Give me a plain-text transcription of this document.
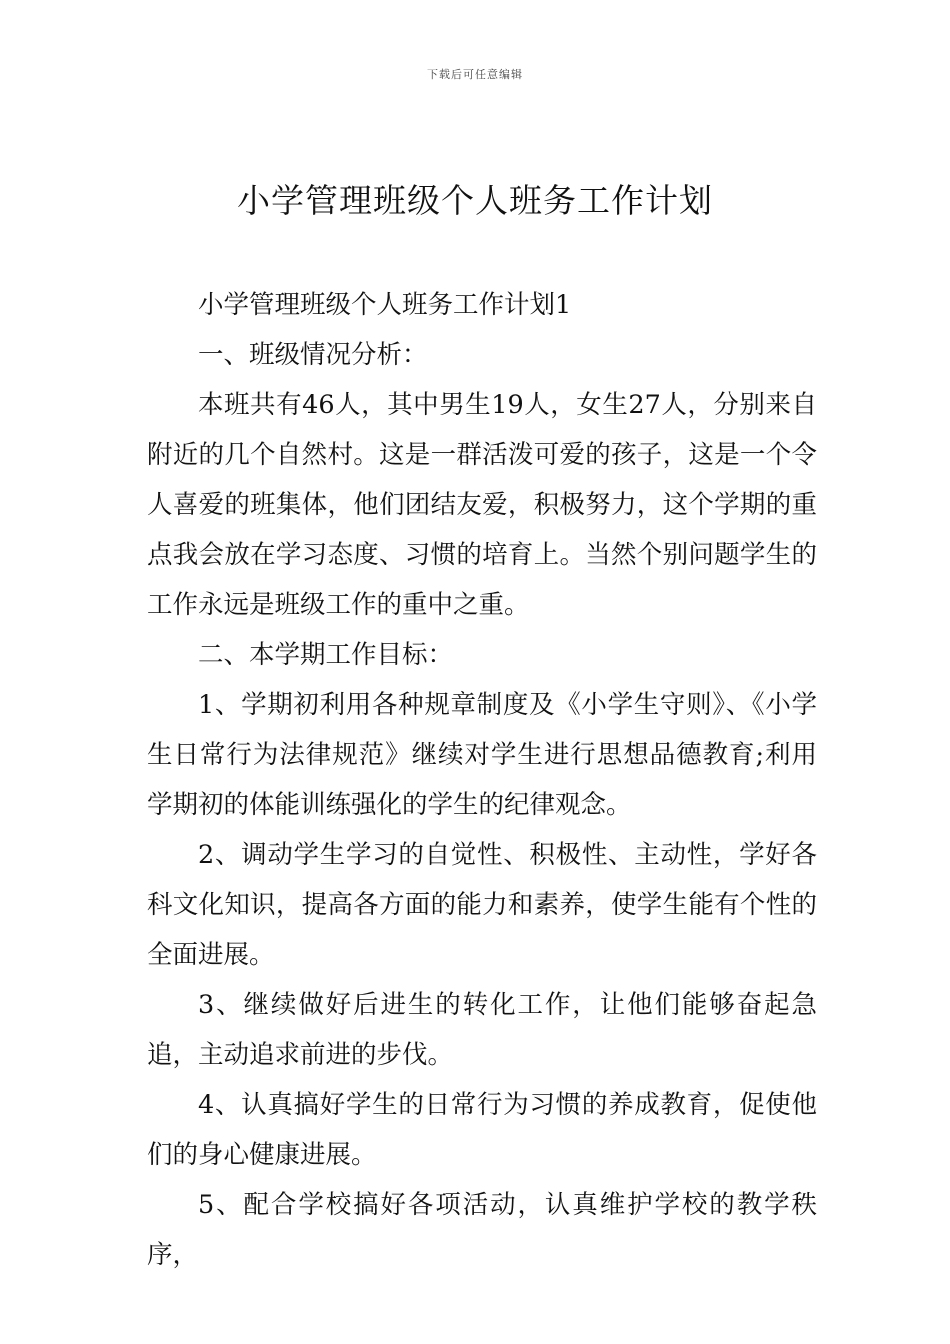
下载后可任意编辑
小学管理班级个人班务工作计划

小学管理班级个人班务工作计划1

一、班级情况分析：

本班共有46人，其中男生19人，女生27人，分别来自附近的几个自然村。这是一群活泼可爱的孩子，这是一个令人喜爱的班集体，他们团结友爱，积极努力，这个学期的重点我会放在学习态度、习惯的培育上。当然个别问题学生的工作永远是班级工作的重中之重。

二、本学期工作目标：

1、学期初利用各种规章制度及《小学生守则》、《小学生日常行为法律规范》继续对学生进行思想品德教育;利用学期初的体能训练强化的学生的纪律观念。

2、调动学生学习的自觉性、积极性、主动性，学好各科文化知识，提高各方面的能力和素养，使学生能有个性的全面进展。

3、继续做好后进生的转化工作，让他们能够奋起急追，主动追求前进的步伐。

4、认真搞好学生的日常行为习惯的养成教育，促使他们的身心健康进展。

5、配合学校搞好各项活动，认真维护学校的教学秩序，
